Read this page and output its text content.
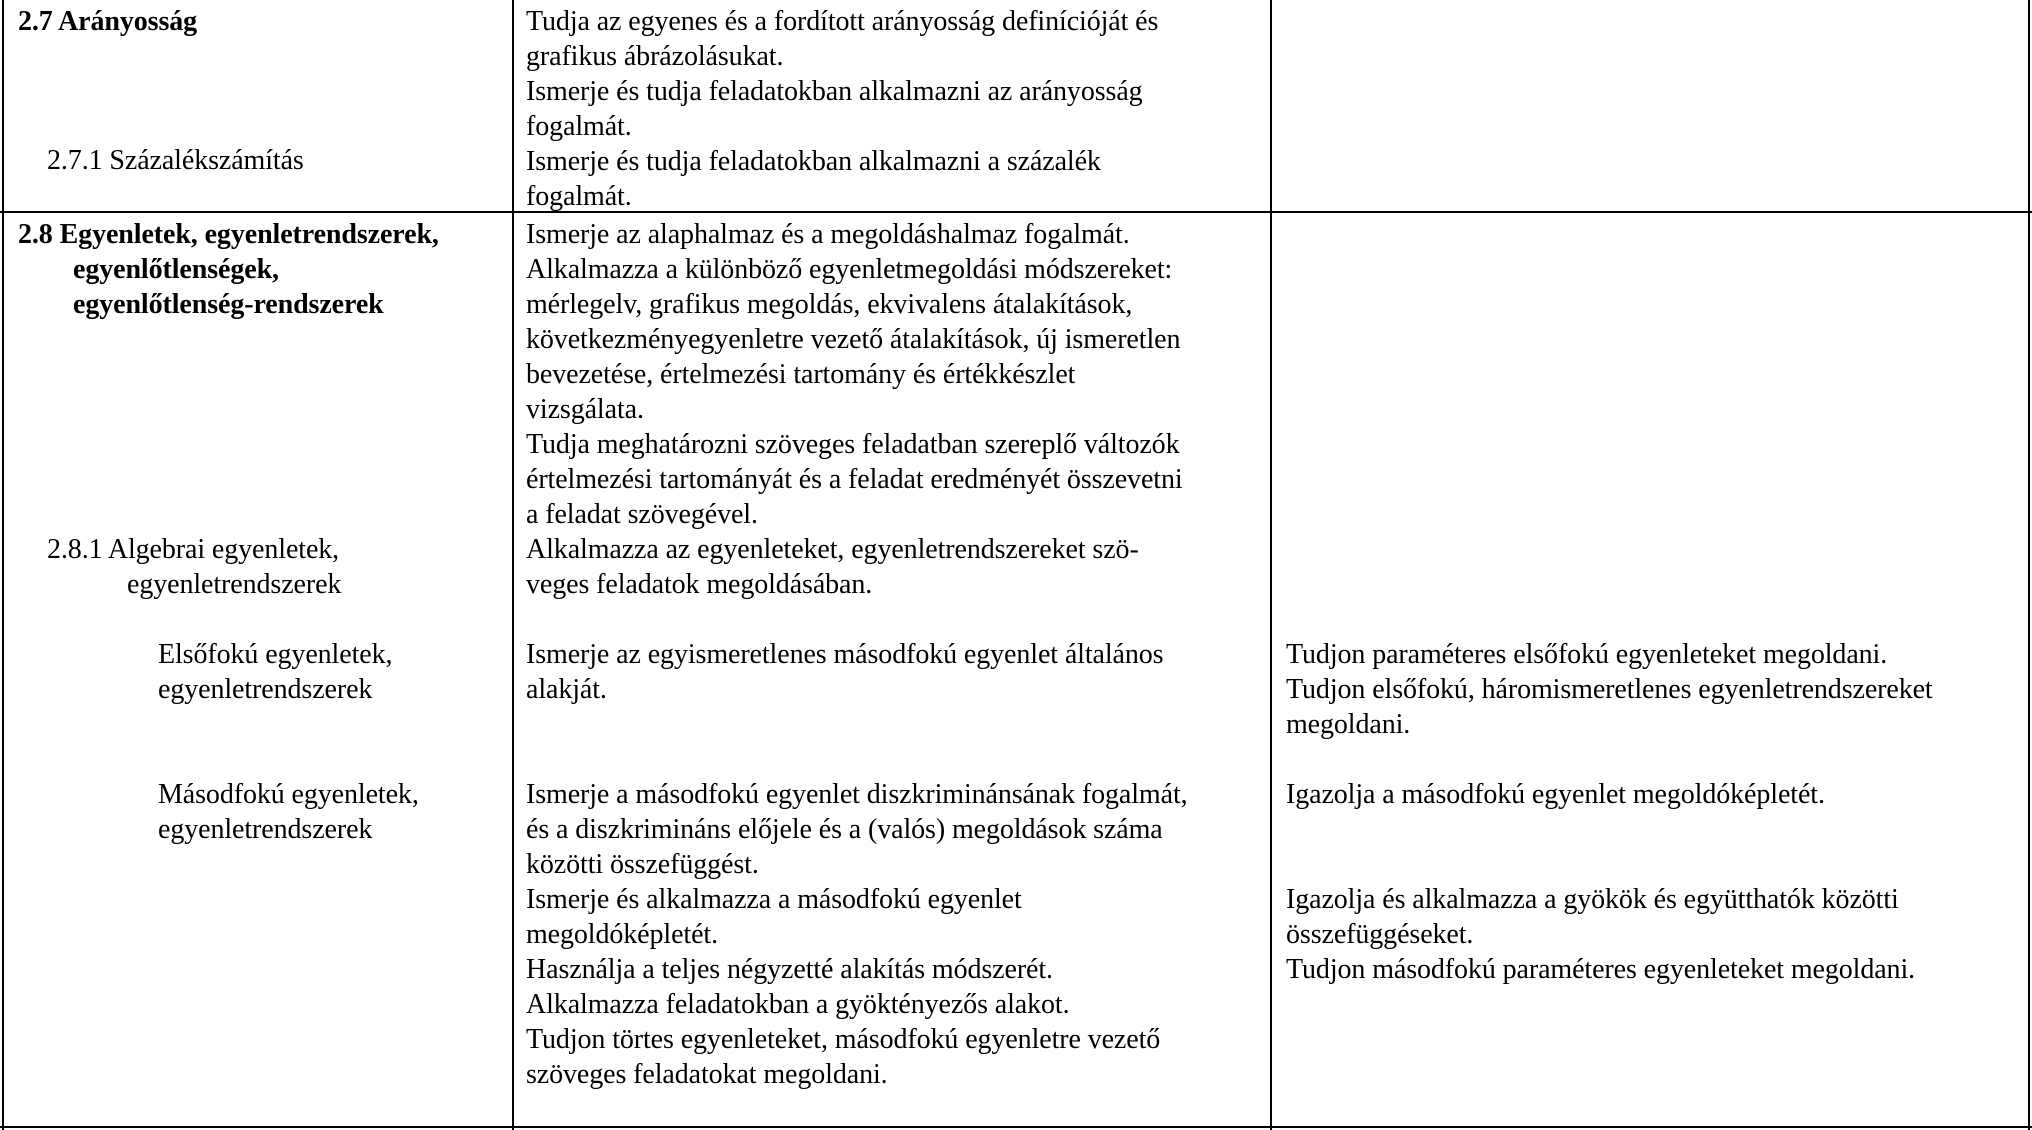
2.7 Arányosság
2.7.1 Százalékszámítás
Tudja az egyenes és a fordított arányosság definícióját és
grafikus ábrázolásukat.
Ismerje és tudja feladatokban alkalmazni az arányosság
fogalmát.
Ismerje és tudja feladatokban alkalmazni a százalék
fogalmát.
2.8 Egyenletek, egyenletrendszerek,
egyenlőtlenségek,
egyenlőtlenség-rendszerek
Ismerje az alaphalmaz és a megoldáshalmaz fogalmát.
Alkalmazza a különböző egyenletmegoldási módszereket:
mérlegelv, grafikus megoldás, ekvivalens átalakítások,
következményegyenletre vezető átalakítások, új ismeretlen
bevezetése, értelmezési tartomány és értékkészlet
vizsgálata.
Tudja meghatározni szöveges feladatban szereplő változók
értelmezési tartományát és a feladat eredményét összevetni
a feladat szövegével.
2.8.1 Algebrai egyenletek,
egyenletrendszerek
Alkalmazza az egyenleteket, egyenletrendszereket szö-
veges feladatok megoldásában.
Elsőfokú egyenletek,
egyenletrendszerek
Ismerje az egyismeretlenes másodfokú egyenlet általános
alakját.
Tudjon paraméteres elsőfokú egyenleteket megoldani.
Tudjon elsőfokú, háromismeretlenes egyenletrendszereket
megoldani.
Másodfokú egyenletek,
egyenletrendszerek
Ismerje a másodfokú egyenlet diszkriminánsának fogalmát,
és a diszkrimináns előjele és a (valós) megoldások száma
közötti összefüggést.
Ismerje és alkalmazza a másodfokú egyenlet
megoldóképletét.
Használja a teljes négyzetté alakítás módszerét.
Alkalmazza feladatokban a gyöktényezős alakot.
Tudjon törtes egyenleteket, másodfokú egyenletre vezető
szöveges feladatokat megoldani.
Igazolja a másodfokú egyenlet megoldóképletét.
Igazolja és alkalmazza a gyökök és együtthatók közötti
összefüggéseket.
Tudjon másodfokú paraméteres egyenleteket megoldani.
